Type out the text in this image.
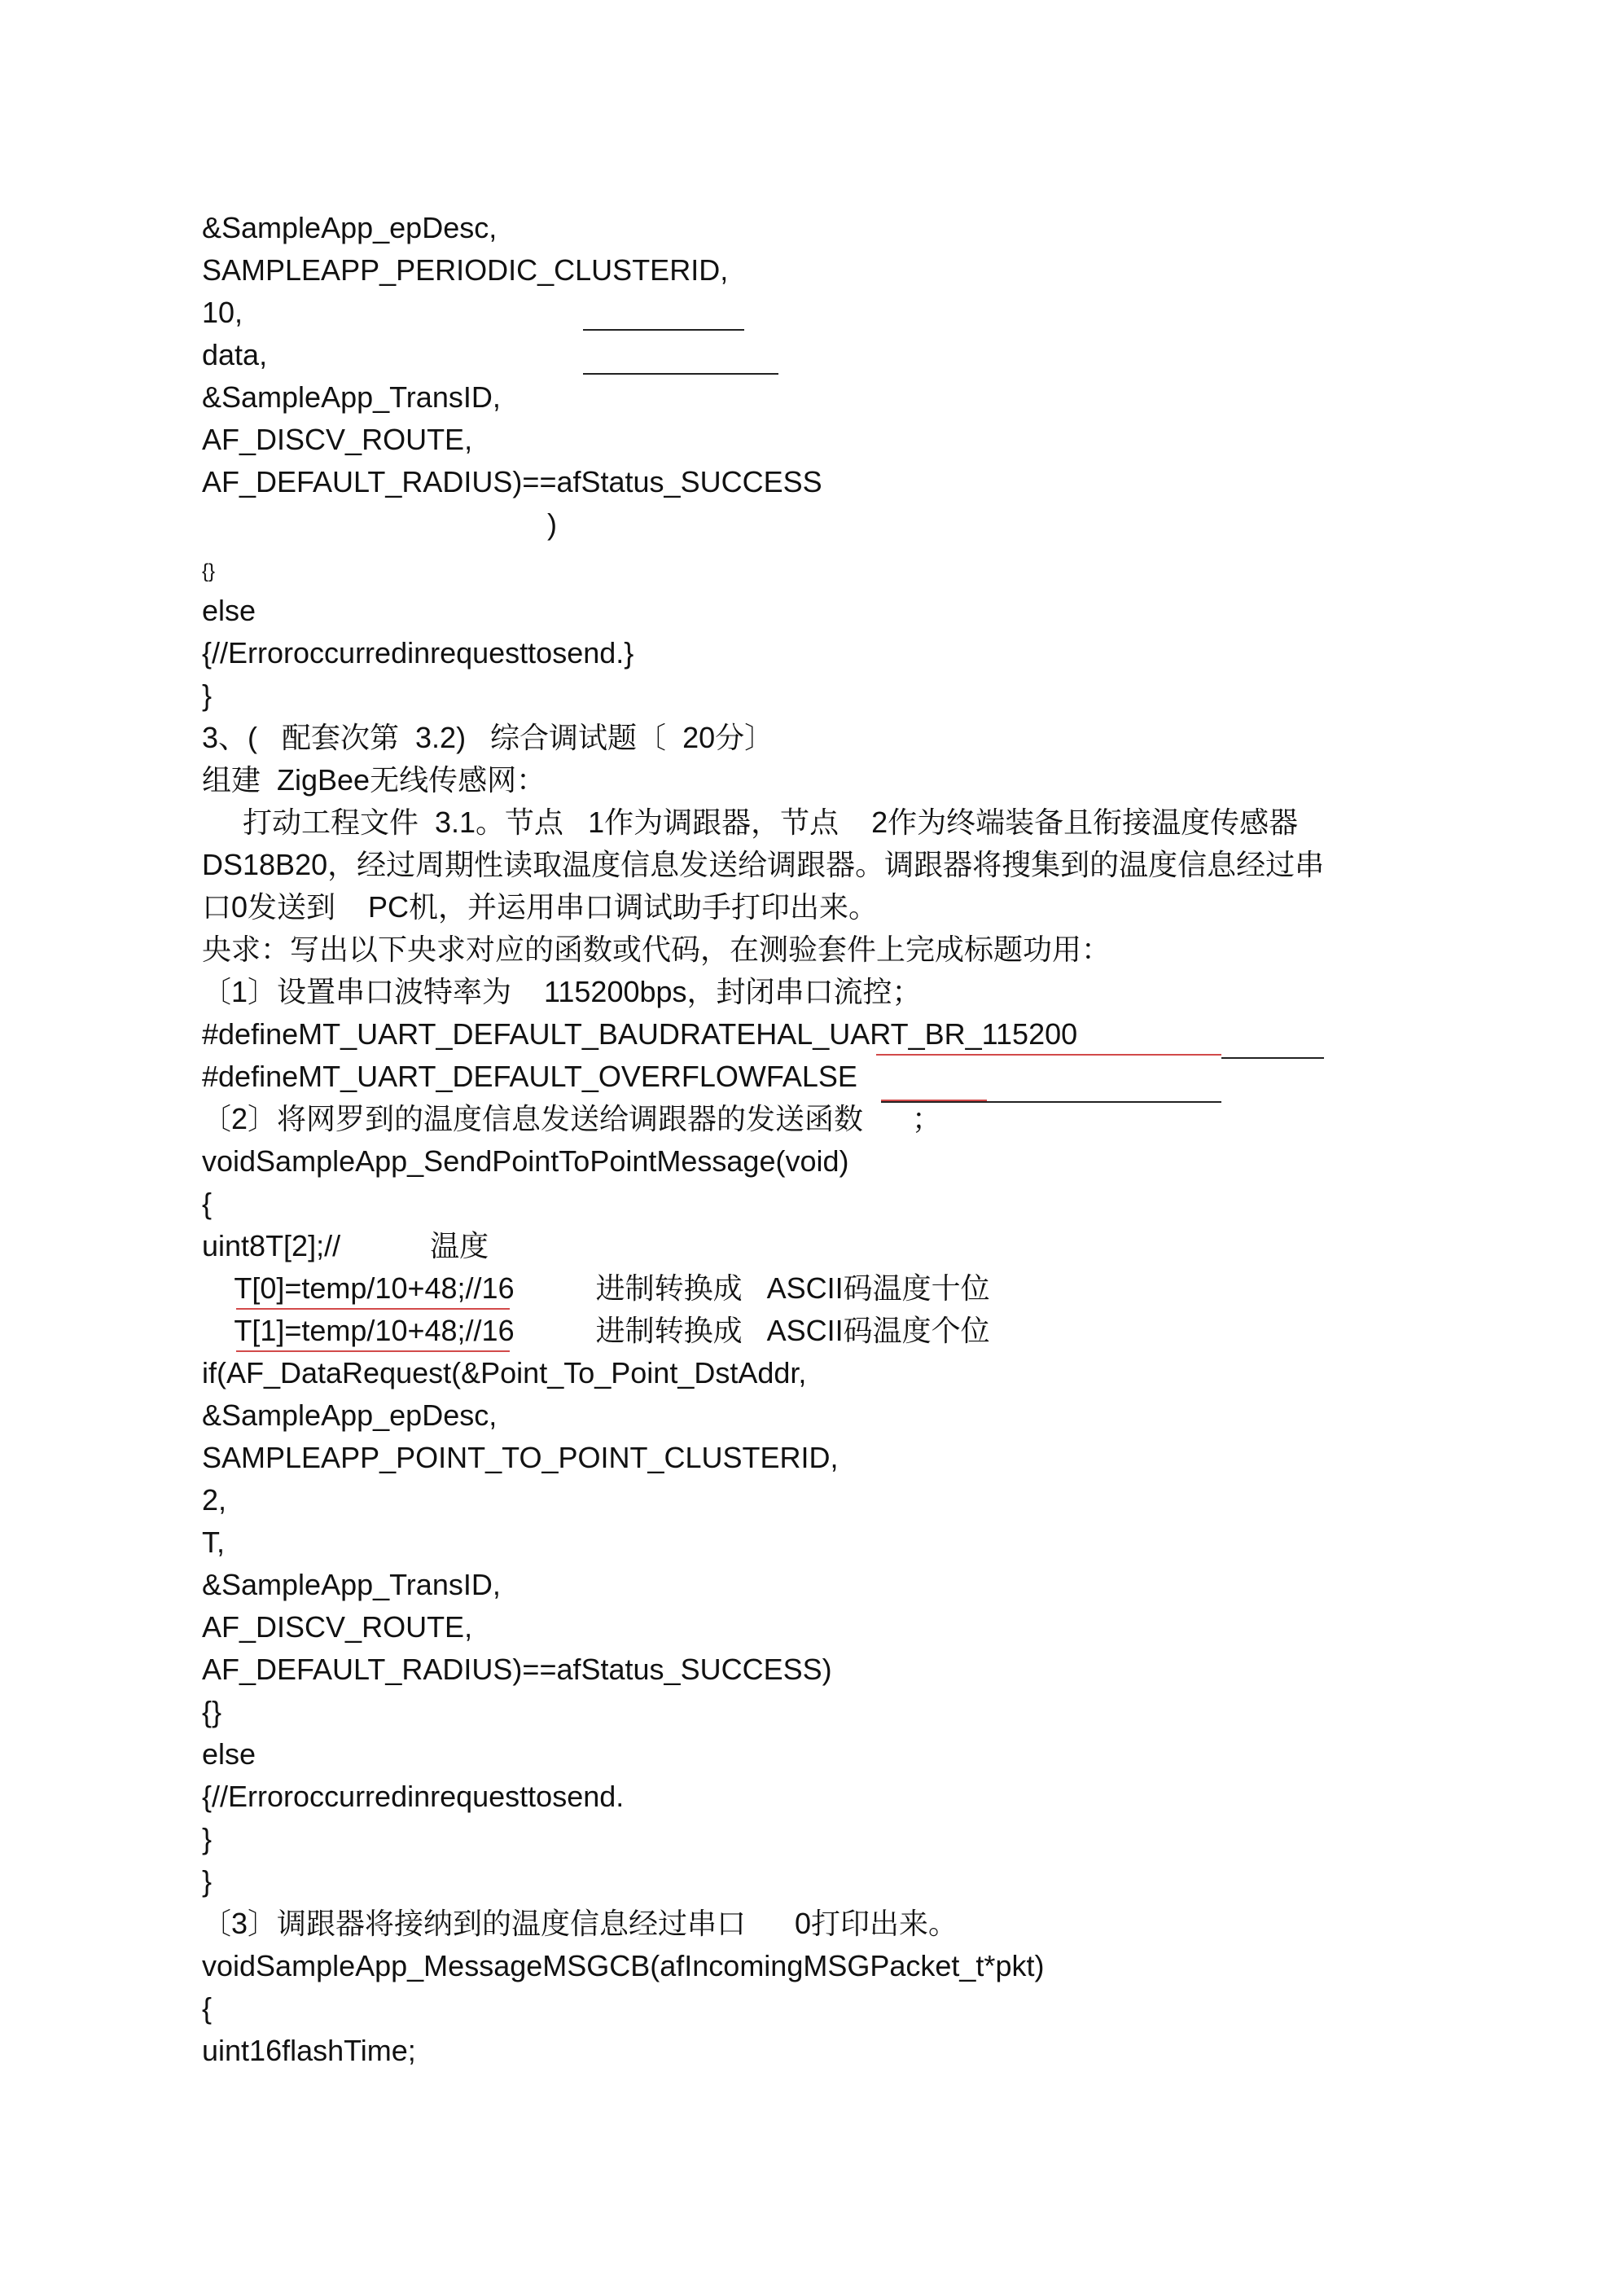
&SampleApp_epDesc,
SAMPLEAPP_PERIODIC_CLUSTERID,
10,
data,
&SampleApp_TransID,
AF_DISCV_ROUTE,
AF_DEFAULT_RADIUS)==afStatus_SUCCESS
)
{}
else
{//Erroroccurredinrequesttosend.}
}
3、(   配套次第  3.2)   综合调试题〔  20分〕
组建  ZigBee无线传感网：
打动工程文件  3.1。节点   1作为调跟器，节点    2作为终端装备且衔接温度传感器
DS18B20，经过周期性读取温度信息发送给调跟器。调跟器将搜集到的温度信息经过串
口0发送到    PC机，并运用串口调试助手打印出来。
央求：写出以下央求对应的函数或代码，在测验套件上完成标题功用：
〔1〕设置串口波特率为    115200bps，封闭串口流控；
#defineMT_UART_DEFAULT_BAUDRATEHAL_UART_BR_115200
#defineMT_UART_DEFAULT_OVERFLOWFALSE
〔2〕将网罗到的温度信息发送给调跟器的发送函数      ；
voidSampleApp_SendPointToPointMessage(void)
{
uint8T[2];//           温度
T[0]=temp/10+48;//16          进制转换成   ASCII码温度十位
T[1]=temp/10+48;//16          进制转换成   ASCII码温度个位
if(AF_DataRequest(&Point_To_Point_DstAddr,
&SampleApp_epDesc,
SAMPLEAPP_POINT_TO_POINT_CLUSTERID,
2,
T,
&SampleApp_TransID,
AF_DISCV_ROUTE,
AF_DEFAULT_RADIUS)==afStatus_SUCCESS)
{}
else
{//Erroroccurredinrequesttosend.
}
}
〔3〕调跟器将接纳到的温度信息经过串口      0打印出来。
voidSampleApp_MessageMSGCB(afIncomingMSGPacket_t*pkt)
{
uint16flashTime;
